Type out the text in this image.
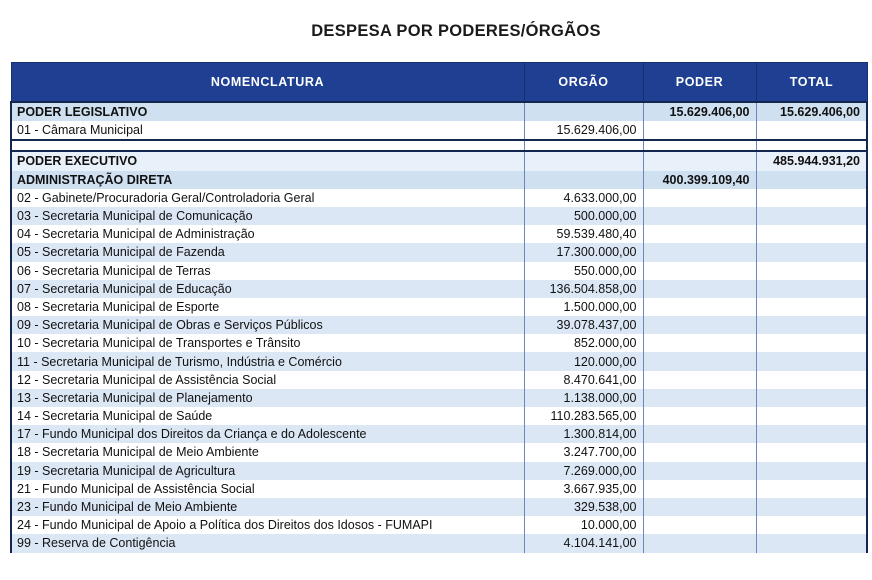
DESPESA POR PODERES/ÓRGÃOS
NOMENCLATURA	ORGÃO	PODER	TOTAL
PODER LEGISLATIVO		15.629.406,00	15.629.406,00
01 - Câmara Municipal	15.629.406,00		

PODER EXECUTIVO			485.944.931,20
ADMINISTRAÇÃO DIRETA		400.399.109,40	
02 - Gabinete/Procuradoria Geral/Controladoria Geral	4.633.000,00		
03 - Secretaria Municipal de Comunicação	500.000,00		
04 - Secretaria Municipal de Administração	59.539.480,40		
05 - Secretaria Municipal de Fazenda	17.300.000,00		
06 - Secretaria Municipal de Terras	550.000,00		
07 - Secretaria Municipal de Educação	136.504.858,00		
08 - Secretaria Municipal de Esporte	1.500.000,00		
09 - Secretaria Municipal de Obras e Serviços Públicos	39.078.437,00		
10 - Secretaria Municipal de Transportes e Trânsito	852.000,00		
11 - Secretaria Municipal de Turismo, Indústria e Comércio	120.000,00		
12 - Secretaria Municipal de Assistência Social	8.470.641,00		
13 - Secretaria Municipal de Planejamento	1.138.000,00		
14 - Secretaria Municipal de Saúde	110.283.565,00		
17 - Fundo Municipal dos Direitos da Criança e do Adolescente	1.300.814,00		
18 - Secretaria Municipal de Meio Ambiente	3.247.700,00		
19 - Secretaria Municipal de Agricultura	7.269.000,00		
21 - Fundo Municipal de Assistência Social	3.667.935,00		
23 - Fundo Municipal de Meio Ambiente	329.538,00		
24 - Fundo Municipal de Apoio a Política dos Direitos dos Idosos - FUMAPI	10.000,00		
99 - Reserva de Contigência	4.104.141,00		
